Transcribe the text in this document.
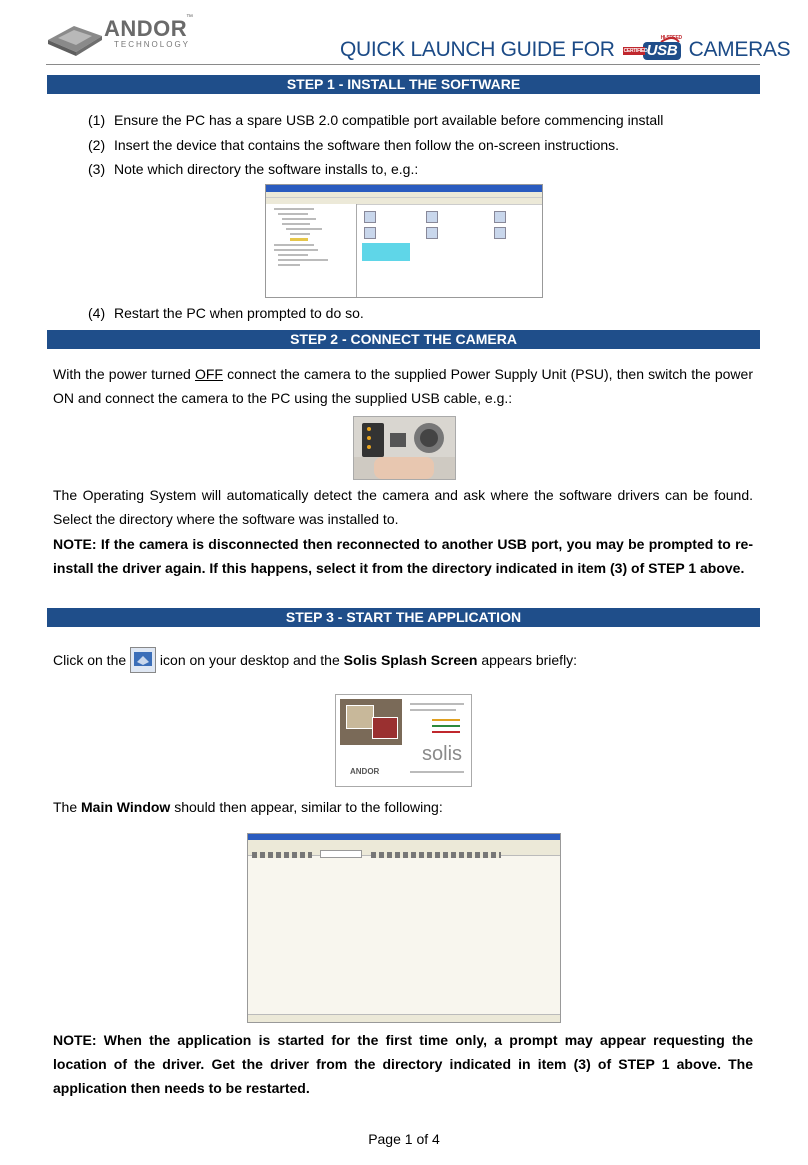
ANDOR
™
TECHNOLOGY	QUICK LAUNCH GUIDE FOR	HI-SPEED
CERTIFIED USB CAMERAS
STEP 1 - INSTALL THE SOFTWARE
(1) Ensure the PC has a spare USB 2.0 compatible port available before commencing install
(2) Insert the device that contains the software then follow the on-screen instructions.
(3) Note which directory the software installs to, e.g.:
(4) Restart the PC when prompted to do so.
STEP 2 - CONNECT THE CAMERA
With the power turned OFF connect the camera to the supplied Power Supply Unit (PSU), then switch the power ON and connect the camera to the PC using the supplied USB cable, e.g.:
The Operating System will automatically detect the camera and ask where the software drivers can be found. Select the directory where the software was installed to.
NOTE: If the camera is disconnected then reconnected to another USB port, you may be prompted to re- install the driver again. If this happens, select it from the directory indicated in item (3) of STEP 1 above.
STEP 3 - START THE APPLICATION
Click on the
icon on your desktop and the Solis Splash Screen appears briefly:
solis
ANDOR
The Main Window should then appear, similar to the following:

NOTE: When the application is started for the first time only, a prompt may appear requesting the location of the driver. Get the driver from the directory indicated in item (3) of STEP 1 above. The application then needs to be restarted.
Page 1 of 4
